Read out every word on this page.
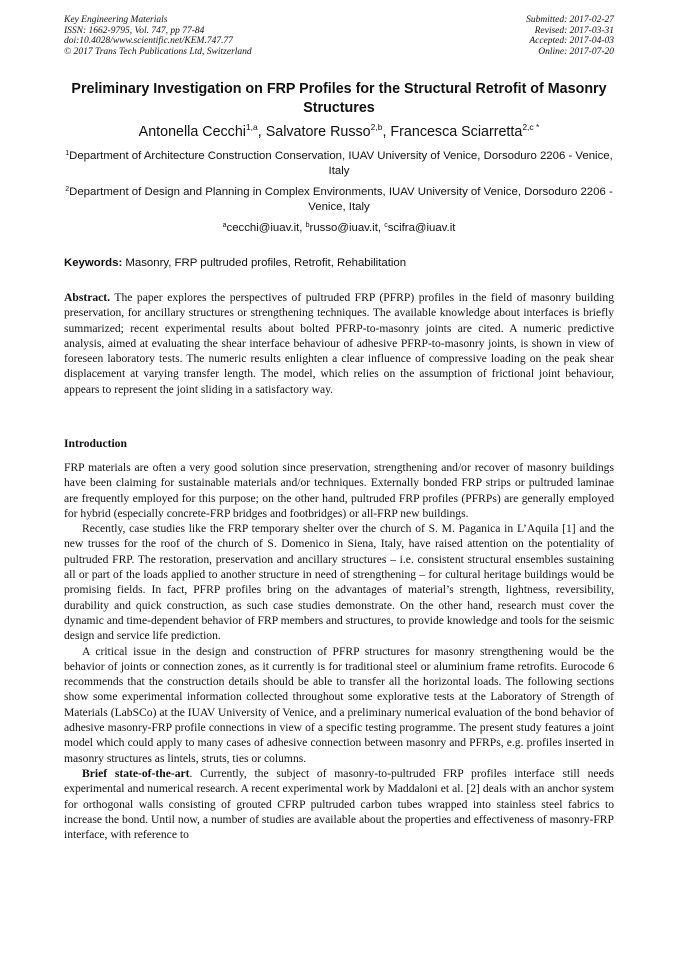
Key Engineering Materials
ISSN: 1662-9795, Vol. 747, pp 77-84
doi:10.4028/www.scientific.net/KEM.747.77
© 2017 Trans Tech Publications Ltd, Switzerland
Submitted: 2017-02-27
Revised: 2017-03-31
Accepted: 2017-04-03
Online: 2017-07-20
Preliminary Investigation on FRP Profiles for the Structural Retrofit of Masonry Structures
Antonella Cecchi$^{1,a}$, Salvatore Russo$^{2,b}$, Francesca Sciarretta$^{2,c *}$
$^1$Department of Architecture Construction Conservation, IUAV University of Venice, Dorsoduro 2206 - Venice, Italy
$^2$Department of Design and Planning in Complex Environments, IUAV University of Venice, Dorsoduro 2206 - Venice, Italy
$^a$cecchi@iuav.it, $^b$russo@iuav.it, $^c$scifra@iuav.it
Keywords: Masonry, FRP pultruded profiles, Retrofit, Rehabilitation
Abstract. The paper explores the perspectives of pultruded FRP (PFRP) profiles in the field of masonry building preservation, for ancillary structures or strengthening techniques. The available knowledge about interfaces is briefly summarized; recent experimental results about bolted PFRP-to-masonry joints are cited. A numeric predictive analysis, aimed at evaluating the shear interface behaviour of adhesive PFRP-to-masonry joints, is shown in view of foreseen laboratory tests. The numeric results enlighten a clear influence of compressive loading on the peak shear displacement at varying transfer length. The model, which relies on the assumption of frictional joint behaviour, appears to represent the joint sliding in a satisfactory way.
Introduction

FRP materials are often a very good solution since preservation, strengthening and/or recover of masonry buildings have been claiming for sustainable materials and/or techniques. Externally bonded FRP strips or pultruded laminae are frequently employed for this purpose; on the other hand, pultruded FRP profiles (PFRPs) are generally employed for hybrid (especially concrete-FRP bridges and footbridges) or all-FRP new buildings.

Recently, case studies like the FRP temporary shelter over the church of S. M. Paganica in L’Aquila [1] and the new trusses for the roof of the church of S. Domenico in Siena, Italy, have raised attention on the potentiality of pultruded FRP. The restoration, preservation and ancillary structures – i.e. consistent structural ensembles sustaining all or part of the loads applied to another structure in need of strengthening – for cultural heritage buildings would be promising fields. In fact, PFRP profiles bring on the advantages of material’s strength, lightness, reversibility, durability and quick construction, as such case studies demonstrate. On the other hand, research must cover the dynamic and time-dependent behavior of FRP members and structures, to provide knowledge and tools for the seismic design and service life prediction.

A critical issue in the design and construction of PFRP structures for masonry strengthening would be the behavior of joints or connection zones, as it currently is for traditional steel or aluminium frame retrofits. Eurocode 6 recommends that the construction details should be able to transfer all the horizontal loads. The following sections show some experimental information collected throughout some explorative tests at the Laboratory of Strength of Materials (LabSCo) at the IUAV University of Venice, and a preliminary numerical evaluation of the bond behavior of adhesive masonry-FRP profile connections in view of a specific testing programme. The present study features a joint model which could apply to many cases of adhesive connection between masonry and PFRPs, e.g. profiles inserted in masonry structures as lintels, struts, ties or columns.

Brief state-of-the-art. Currently, the subject of masonry-to-pultruded FRP profiles interface still needs experimental and numerical research. A recent experimental work by Maddaloni et al. [2] deals with an anchor system for orthogonal walls consisting of grouted CFRP pultruded carbon tubes wrapped into stainless steel fabrics to increase the bond. Until now, a number of studies are available about the properties and effectiveness of masonry-FRP interface, with reference to
